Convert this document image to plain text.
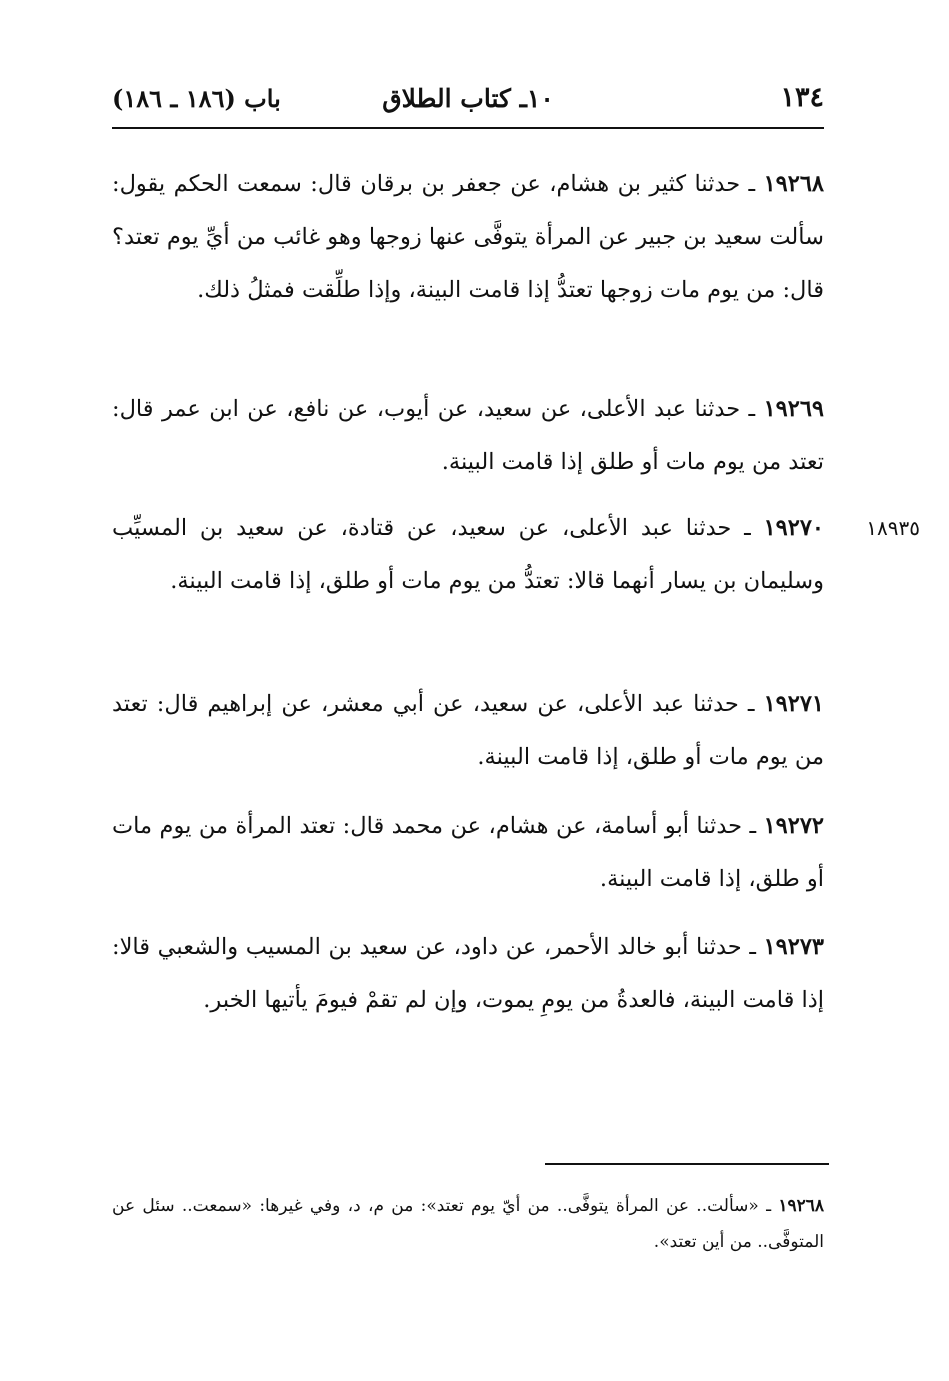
١٣٤
١٠ـ كتاب الطلاق
باب (١٨٦ ـ ١٨٦)
١٩٢٦٨ ـ حدثنا كثير بن هشام، عن جعفر بن برقان قال: سمعت الحكم يقول: سألت سعيد بن جبير عن المرأة يتوفَّى عنها زوجها وهو غائب من أيِّ يوم تعتد؟ قال: من يوم مات زوجها تعتدُّ إذا قامت البينة، وإذا طلِّقت فمثلُ ذلك.
١٩٢٦٩ ـ حدثنا عبد الأعلى، عن سعيد، عن أيوب، عن نافع، عن ابن عمر قال: تعتد من يوم مات أو طلق إذا قامت البينة.
١٨٩٣٥
١٩٢٧٠ ـ حدثنا عبد الأعلى، عن سعيد، عن قتادة، عن سعيد بن المسيِّب وسليمان بن يسار أنهما قالا: تعتدُّ من يوم مات أو طلق، إذا قامت البينة.
١٩٢٧١ ـ حدثنا عبد الأعلى، عن سعيد، عن أبي معشر، عن إبراهيم قال: تعتد من يوم مات أو طلق، إذا قامت البينة.
١٩٢٧٢ ـ حدثنا أبو أسامة، عن هشام، عن محمد قال: تعتد المرأة من يوم مات أو طلق، إذا قامت البينة.
١٩٢٧٣ ـ حدثنا أبو خالد الأحمر، عن داود، عن سعيد بن المسيب والشعبي قالا: إذا قامت البينة، فالعدةُ من يومِ يموت، وإن لم تقمْ فيومَ يأتيها الخبر.
١٩٢٦٨ ـ «سألت.. عن المرأة يتوفَّى.. من أيّ يوم تعتد»: من م، د، وفي غيرها: «سمعت.. سئل عن المتوفَّى.. من أين تعتد».
